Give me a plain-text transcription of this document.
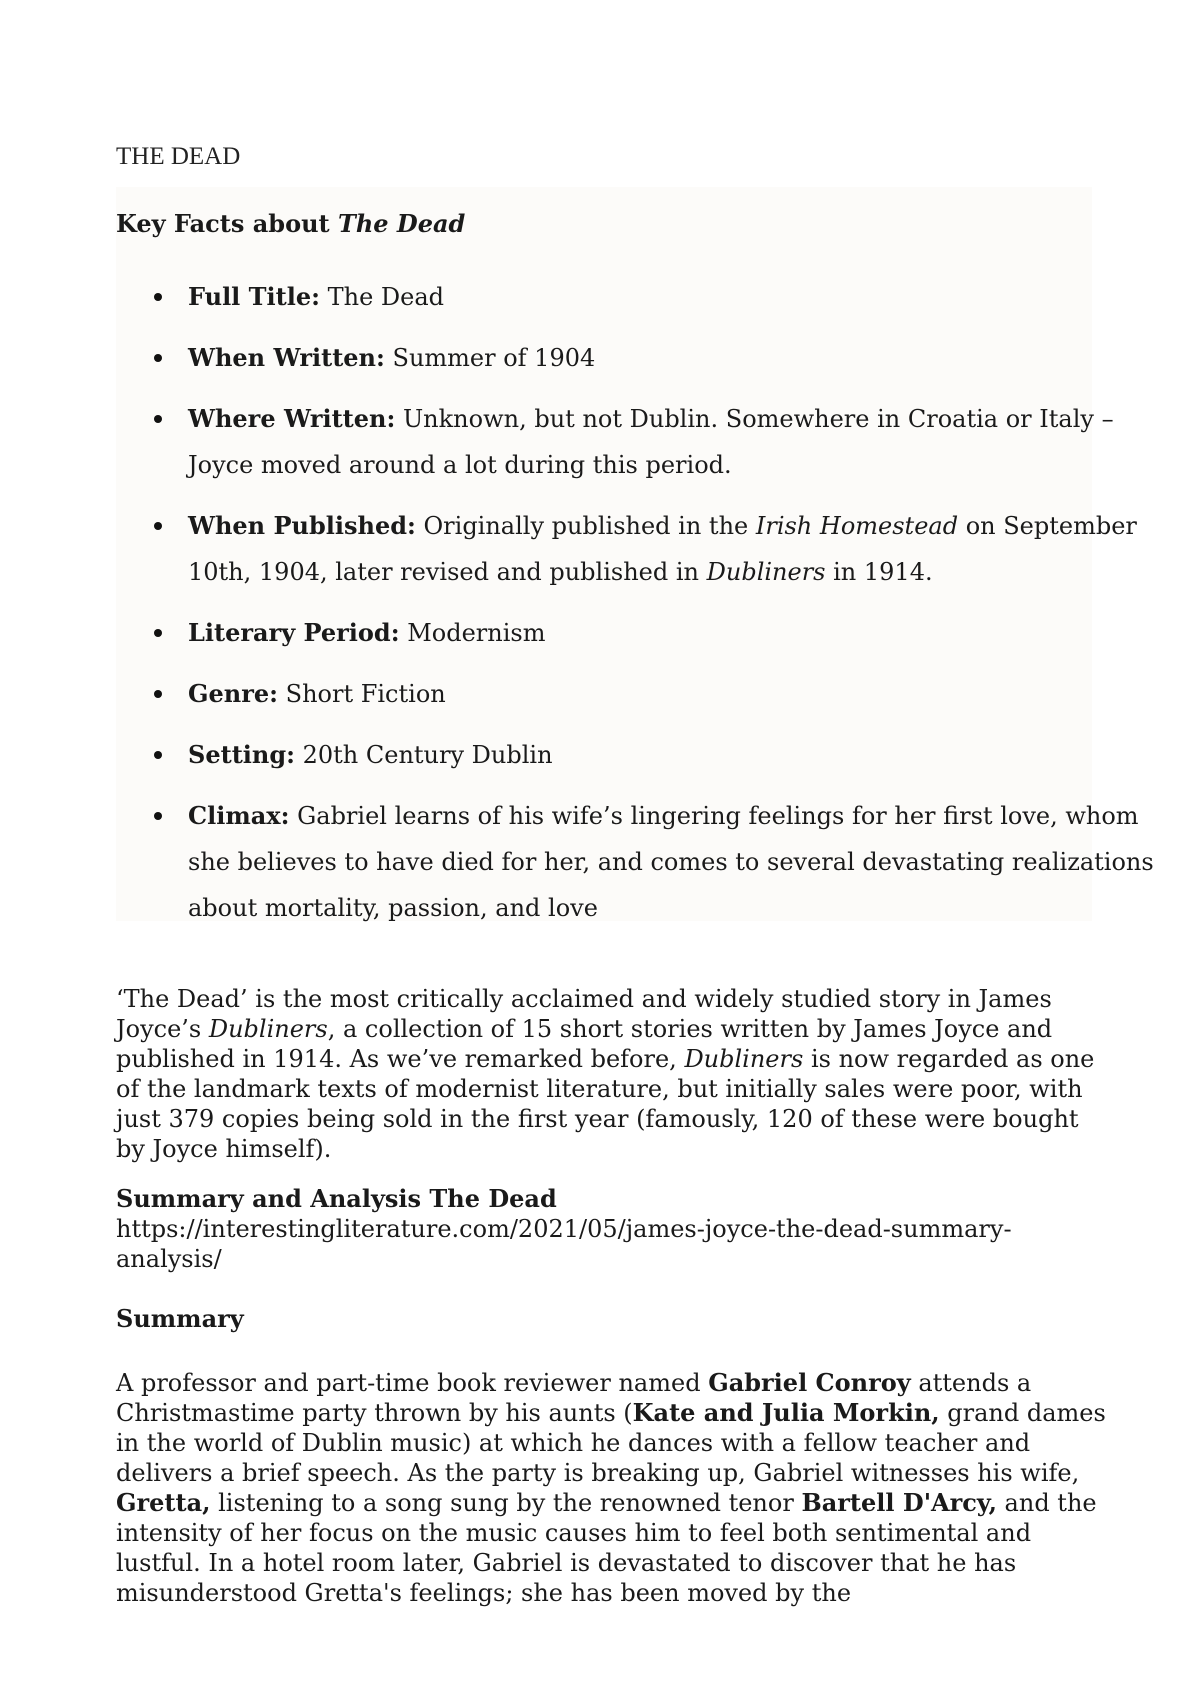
THE DEAD
Key Facts about The Dead
Full Title: The Dead
When Written: Summer of 1904
Where Written: Unknown, but not Dublin. Somewhere in Croatia or Italy – Joyce moved around a lot during this period.
When Published: Originally published in the Irish Homestead on September 10th, 1904, later revised and published in Dubliners in 1914.
Literary Period: Modernism
Genre: Short Fiction
Setting: 20th Century Dublin
Climax: Gabriel learns of his wife’s lingering feelings for her first love, whom she believes to have died for her, and comes to several devastating realizations about mortality, passion, and love

‘The Dead’ is the most critically acclaimed and widely studied story in James Joyce’s Dubliners, a collection of 15 short stories written by James Joyce and published in 1914. As we’ve remarked before, Dubliners is now regarded as one of the landmark texts of modernist literature, but initially sales were poor, with just 379 copies being sold in the first year (famously, 120 of these were bought by Joyce himself).

Summary and Analysis The Dead
https://interestingliterature.com/2021/05/james-joyce-the-dead-summary-analysis/

Summary

A professor and part-time book reviewer named Gabriel Conroy attends a Christmastime party thrown by his aunts (Kate and Julia Morkin, grand dames in the world of Dublin music) at which he dances with a fellow teacher and delivers a brief speech. As the party is breaking up, Gabriel witnesses his wife, Gretta, listening to a song sung by the renowned tenor Bartell D'Arcy, and the intensity of her focus on the music causes him to feel both sentimental and lustful. In a hotel room later, Gabriel is devastated to discover that he has misunderstood Gretta's feelings; she has been moved by the
